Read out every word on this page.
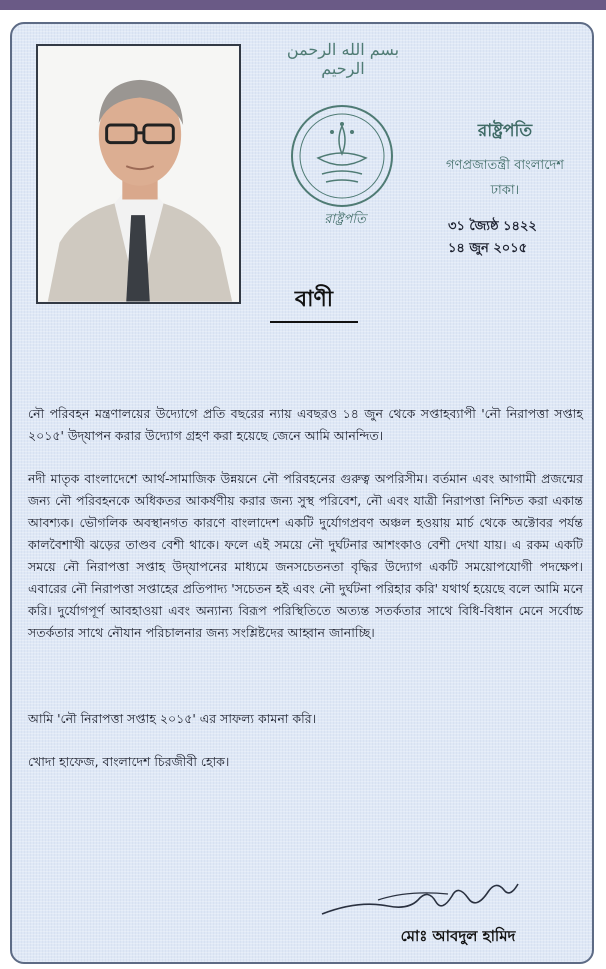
بسم الله الرحمن الرحيم
রাষ্ট্রপতি
রাষ্ট্রপতি
গণপ্রজাতন্ত্রী বাংলাদেশ
ঢাকা।
৩১ জ্যৈষ্ঠ ১৪২২
১৪ জুন ২০১৫
বাণী
নৌ পরিবহন মন্ত্রণালয়ের উদ্যোগে প্রতি বছরের ন্যায় এবছরও ১৪ জুন থেকে সপ্তাহব্যাপী 'নৌ নিরাপত্তা সপ্তাহ ২০১৫' উদ্‌যাপন করার উদ্যোগ গ্রহণ করা হয়েছে জেনে আমি আনন্দিত।
নদী মাতৃক বাংলাদেশে আর্থ-সামাজিক উন্নয়নে নৌ পরিবহনের গুরুত্ব অপরিসীম। বর্তমান এবং আগামী প্রজন্মের জন্য নৌ পরিবহনকে অধিকতর আকর্ষণীয় করার জন্য সুস্থ পরিবেশ, নৌ এবং যাত্রী নিরাপত্তা নিশ্চিত করা একান্ত আবশ্যক। ভৌগলিক অবস্থানগত কারণে বাংলাদেশ একটি দুর্যোগপ্রবণ অঞ্চল হওয়ায় মার্চ থেকে অক্টোবর পর্যন্ত কালবৈশাখী ঝড়ের তাণ্ডব বেশী থাকে। ফলে এই সময়ে নৌ দুর্ঘটনার আশংকাও বেশী দেখা যায়। এ রকম একটি সময়ে নৌ নিরাপত্তা সপ্তাহ উদ্‌যাপনের মাধ্যমে জনসচেতনতা বৃদ্ধির উদ্যোগ একটি সময়োপযোগী পদক্ষেপ। এবারের নৌ নিরাপত্তা সপ্তাহের প্রতিপাদ্য 'সচেতন হই এবং নৌ দুর্ঘটনা পরিহার করি' যথার্থ হয়েছে বলে আমি মনে করি। দুর্যোগপূর্ণ আবহাওয়া এবং অন্যান্য বিরূপ পরিস্থিতিতে অত্যন্ত সতর্কতার সাথে বিধি-বিধান মেনে সর্বোচ্চ সতর্কতার সাথে নৌযান পরিচালনার জন্য সংশ্লিষ্টদের আহ্বান জানাচ্ছি।
আমি 'নৌ নিরাপত্তা সপ্তাহ ২০১৫' এর সাফল্য কামনা করি।
খোদা হাফেজ, বাংলাদেশ চিরজীবী হোক।
মোঃ আবদুল হামিদ
